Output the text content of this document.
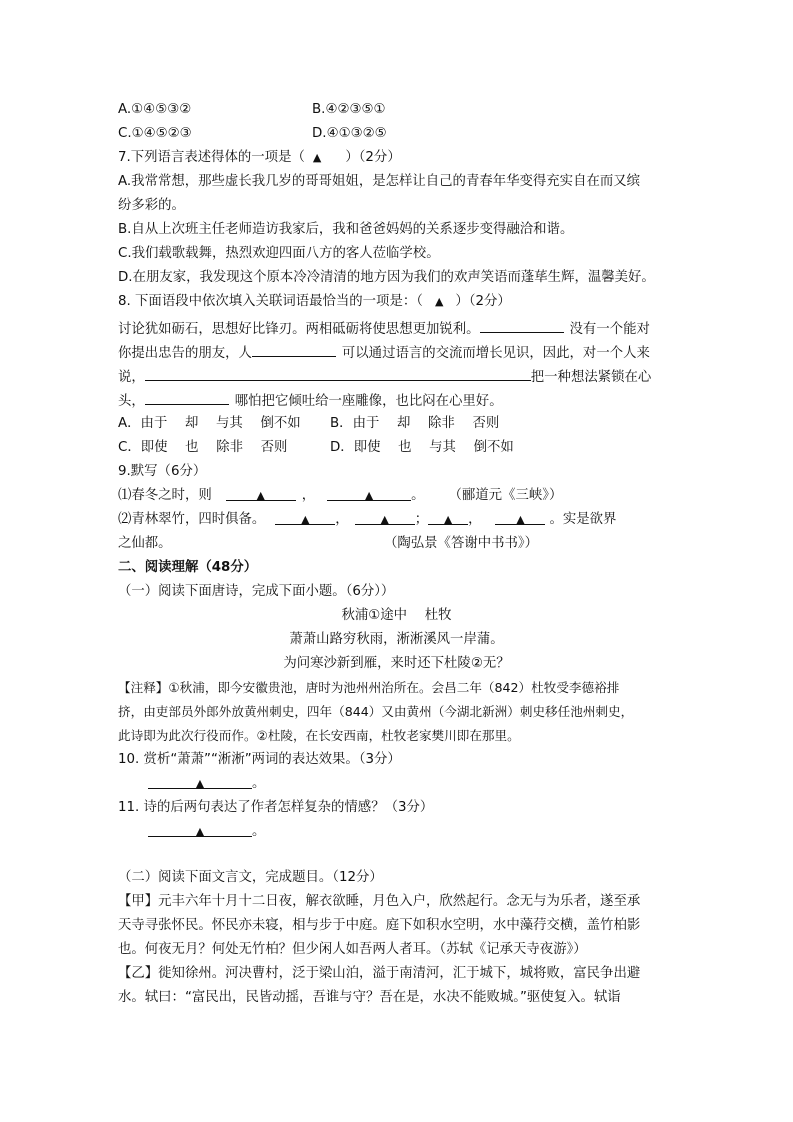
A.①④⑤③②	B.④②③⑤①
C.①④⑤②③	D.④①③②⑤
7.下列语言表述得体的一项是（ ▲ ）（2分）
A.我常常想，那些虚长我几岁的哥哥姐姐，是怎样让自己的青春年华变得充实自在而又缤
纷多彩的。
B.自从上次班主任老师造访我家后，我和爸爸妈妈的关系逐步变得融洽和谐。
C.我们载歌载舞，热烈欢迎四面八方的客人莅临学校。
D.在朋友家，我发现这个原本冷冷清清的地方因为我们的欢声笑语而蓬荜生辉，温馨美好。
8. 下面语段中依次填入关联词语最恰当的一项是：（ ▲ ）（2分）
讨论犹如砺石，思想好比锋刃。两相砥砺将使思想更加锐利。	没有一个能对
你提出忠告的朋友，人	可以通过语言的交流而增长见识，因此，对一个人来
说，	把一种想法紧锁在心
头，	哪怕把它倾吐给一座雕像，也比闷在心里好。
A．由于　 却　 与其　 倒不如 B．由于　 却　 除非　 否则
C．即使　 也　 除非　 否则	D．即使　 也　 与其　 倒不如
9.默写（6分）
⑴春冬之时，则	▲	，	▲	。 （郦道元《三峡》）
⑵青林翠竹，四时俱备。	▲ ，	▲ ； ▲ ，	▲ 。实是欲界
之仙都。	（陶弘景《答谢中书书》）
二、阅读理解（48分）
（一）阅读下面唐诗，完成下面小题。（6分））
秋浦①途中　 杜牧
萧萧山路穷秋雨，淅淅溪风一岸蒲。
为问寒沙新到雁，来时还下杜陵②无？
【注释】①秋浦，即今安徽贵池，唐时为池州州治所在。会昌二年（842）杜牧受李德裕排
挤，由吏部员外郎外放黄州刺史，四年（844）又由黄州（今湖北新洲）刺史移任池州刺史，
此诗即为此次行役而作。②杜陵，在长安西南，杜牧老家樊川即在那里。
10. 赏析“萧萧”“淅淅”两词的表达效果。（3分）
▲	。
11. 诗的后两句表达了作者怎样复杂的情感？（3分）
▲	。
（二）阅读下面文言文，完成题目。（12分）
【甲】元丰六年十月十二日夜，解衣欲睡，月色入户，欣然起行。念无与为乐者，遂至承
天寺寻张怀民。怀民亦未寝，相与步于中庭。庭下如积水空明，水中藻荇交横，盖竹柏影
也。何夜无月？何处无竹柏？但少闲人如吾两人者耳。（苏轼《记承天寺夜游》）
【乙】徙知徐州。河决曹村，泛于梁山泊，溢于南清河，汇于城下，城将败，富民争出避
水。轼曰：“富民出，民皆动摇，吾谁与守？吾在是，水决不能败城。”驱使复入。轼诣
